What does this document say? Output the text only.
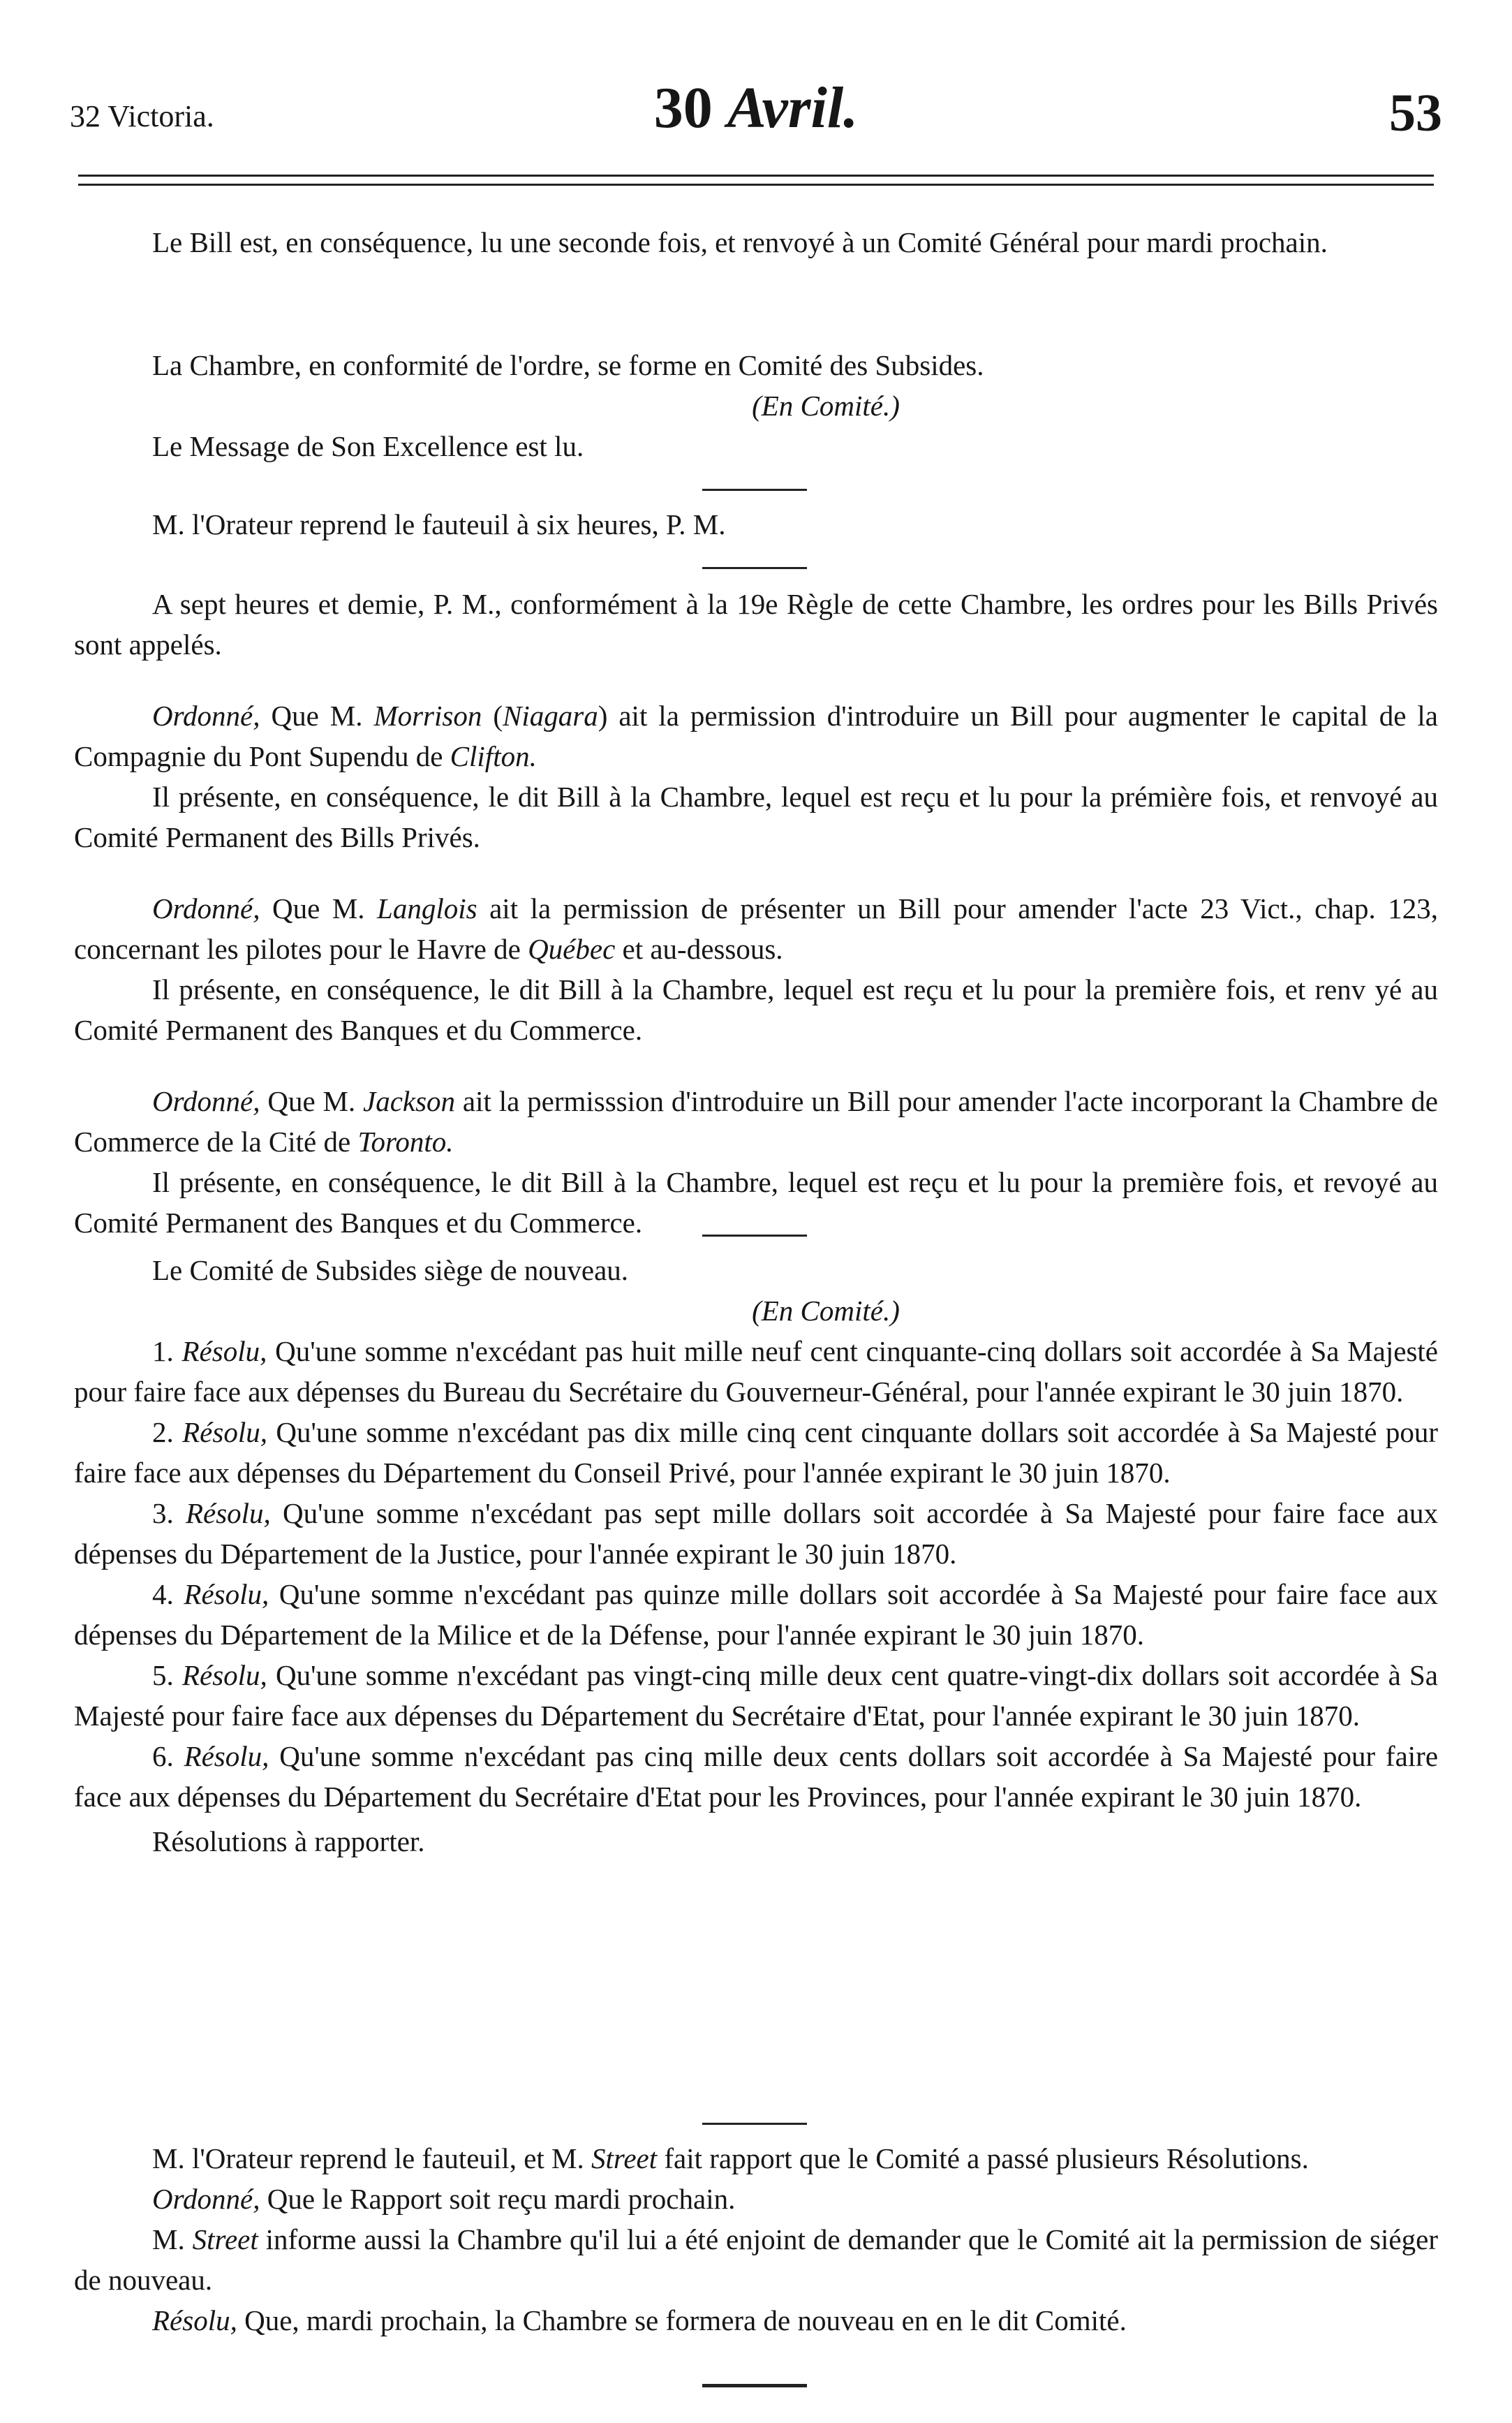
32 Victoria.	30 Avril.	53

Le Bill est, en conséquence, lu une seconde fois, et renvoyé à un Comité Général pour mardi prochain.

La Chambre, en conformité de l'ordre, se forme en Comité des Subsides.

(En Comité.)

Le Message de Son Excellence est lu.

M. l'Orateur reprend le fauteuil à six heures, P. M.

A sept heures et demie, P. M., conformément à la 19e Règle de cette Chambre, les ordres pour les Bills Privés sont appelés.

Ordonné, Que M. Morrison (Niagara) ait la permission d'introduire un Bill pour augmenter le capital de la Compagnie du Pont Supendu de Clifton.

Il présente, en conséquence, le dit Bill à la Chambre, lequel est reçu et lu pour la prémière fois, et renvoyé au Comité Permanent des Bills Privés.

Ordonné, Que M. Langlois ait la permission de présenter un Bill pour amender l'acte 23 Vict., chap. 123, concernant les pilotes pour le Havre de Québec et au-dessous.

Il présente, en conséquence, le dit Bill à la Chambre, lequel est reçu et lu pour la première fois, et renv yé au Comité Permanent des Banques et du Commerce.

Ordonné, Que M. Jackson ait la permisssion d'introduire un Bill pour amender l'acte incorporant la Chambre de Commerce de la Cité de Toronto.

Il présente, en conséquence, le dit Bill à la Chambre, lequel est reçu et lu pour la première fois, et revoyé au Comité Permanent des Banques et du Commerce.

Le Comité de Subsides siège de nouveau.

(En Comité.)

1. Résolu, Qu'une somme n'excédant pas huit mille neuf cent cinquante-cinq dollars soit accordée à Sa Majesté pour faire face aux dépenses du Bureau du Secrétaire du Gouverneur-Général, pour l'année expirant le 30 juin 1870.

2. Résolu, Qu'une somme n'excédant pas dix mille cinq cent cinquante dollars soit accordée à Sa Majesté pour faire face aux dépenses du Département du Conseil Privé, pour l'année expirant le 30 juin 1870.

3. Résolu, Qu'une somme n'excédant pas sept mille dollars soit accordée à Sa Majesté pour faire face aux dépenses du Département de la Justice, pour l'année expirant le 30 juin 1870.

4. Résolu, Qu'une somme n'excédant pas quinze mille dollars soit accordée à Sa Majesté pour faire face aux dépenses du Département de la Milice et de la Défense, pour l'année expirant le 30 juin 1870.

5. Résolu, Qu'une somme n'excédant pas vingt-cinq mille deux cent quatre-vingt-dix dollars soit accordée à Sa Majesté pour faire face aux dépenses du Département du Secrétaire d'Etat, pour l'année expirant le 30 juin 1870.

6. Résolu, Qu'une somme n'excédant pas cinq mille deux cents dollars soit accordée à Sa Majesté pour faire face aux dépenses du Département du Secrétaire d'Etat pour les Provinces, pour l'année expirant le 30 juin 1870.

Résolutions à rapporter.

M. l'Orateur reprend le fauteuil, et M. Street fait rapport que le Comité a passé plusieurs Résolutions.

Ordonné, Que le Rapport soit reçu mardi prochain.

M. Street informe aussi la Chambre qu'il lui a été enjoint de demander que le Comité ait la permission de siéger de nouveau.

Résolu, Que, mardi prochain, la Chambre se formera de nouveau en en le dit Comité.
